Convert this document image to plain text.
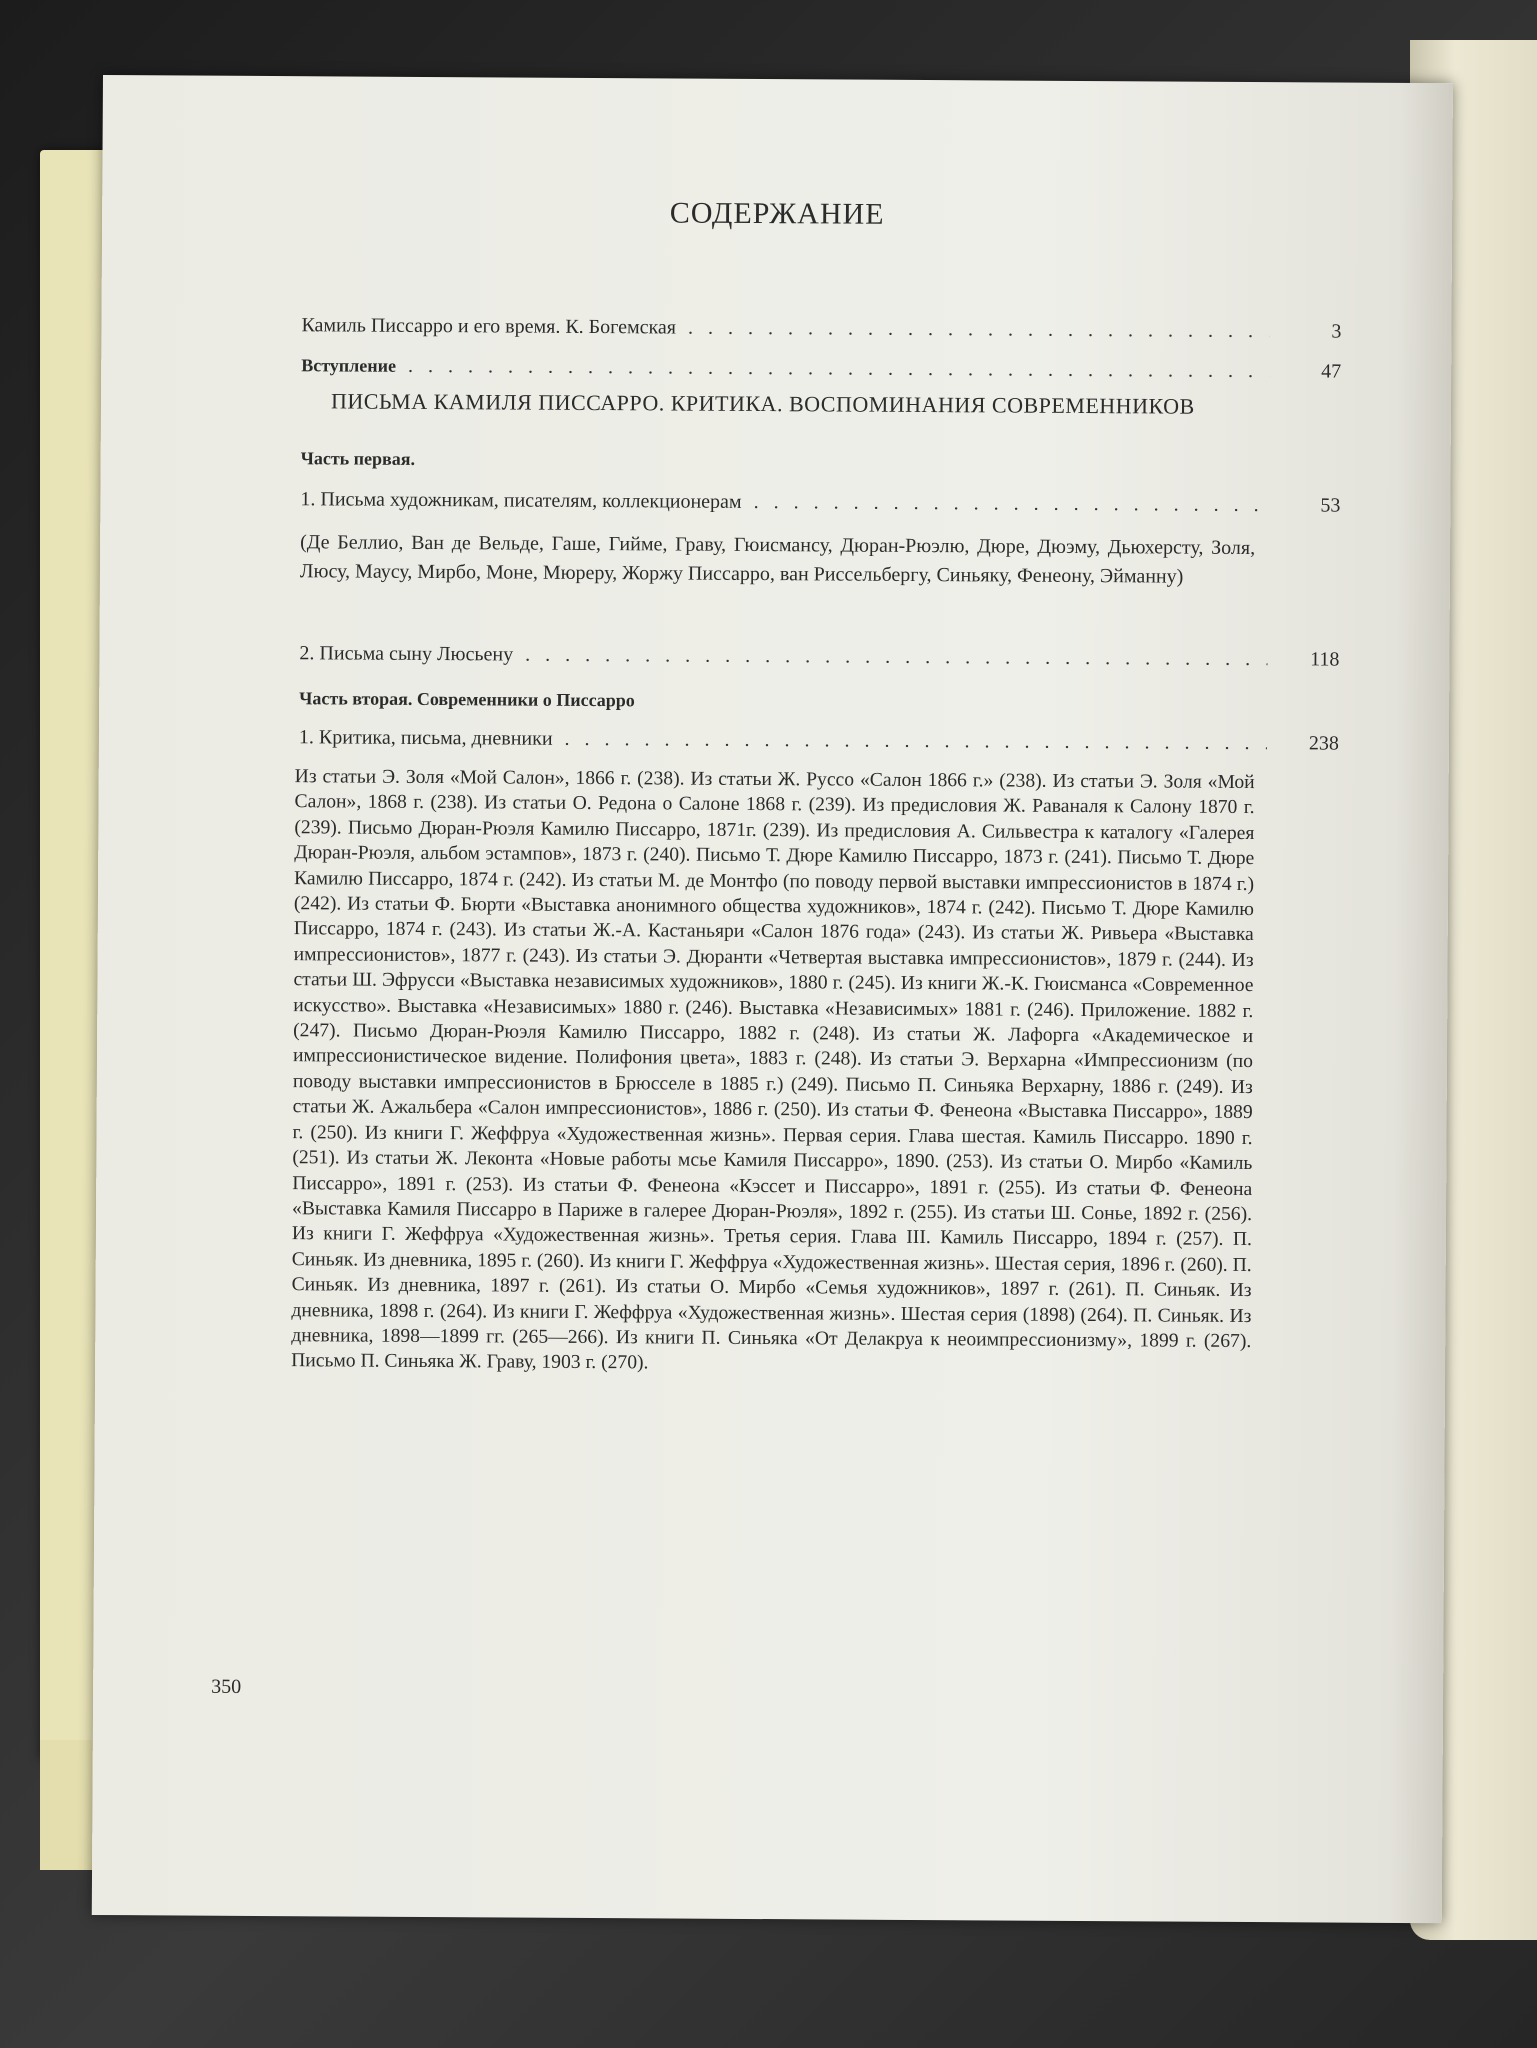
СОДЕРЖАНИЕ
Камиль Писсарро и его время. К. Богемская . . .	3
Вступление . . .	47
ПИСЬМА КАМИЛЯ ПИССАРРО. КРИТИКА. ВОСПОМИНАНИЯ СОВРЕМЕННИКОВ
Часть первая.
1. Письма художникам, писателям, коллекционерам . . .	53
(Де Беллио, Ван де Вельде, Гаше, Гийме, Граву, Гюисмансу, Дюран-Рюэлю, Дюре, Дюэму, Дьюхерсту, Золя, Люсу, Маусу, Мирбо, Моне, Мюреру, Жоржу Писсарро, ван Риссельбергу, Синьяку, Фенеону, Эйманну)
2. Письма сыну Люсьену . . .	118
Часть вторая. Современники о Писсарро
1. Критика, письма, дневники . . .	238
Из статьи Э. Золя «Мой Салон», 1866 г. (238). Из статьи Ж. Руссо «Салон 1866 г.» (238). Из статьи Э. Золя «Мой Салон», 1868 г. (238). Из статьи О. Редона о Салоне 1868 г. (239). Из предисловия Ж. Раваналя к Салону 1870 г. (239). Письмо Дюран-Рюэля Камилю Писсарро, 1871г. (239). Из предисловия А. Сильвестра к каталогу «Галерея Дюран-Рюэля, альбом эстампов», 1873 г. (240). Письмо Т. Дюре Камилю Писсарро, 1873 г. (241). Письмо Т. Дюре Камилю Писсарро, 1874 г. (242). Из статьи М. де Монтфо (по поводу первой выставки импрессионистов в 1874 г.) (242). Из статьи Ф. Бюрти «Выставка анонимного общества художников», 1874 г. (242). Письмо Т. Дюре Камилю Писсарро, 1874 г. (243). Из статьи Ж.-А. Кастаньяри «Салон 1876 года» (243). Из статьи Ж. Ривьера «Выставка импрессионистов», 1877 г. (243). Из статьи Э. Дюранти «Четвертая выставка импрессионистов», 1879 г. (244). Из статьи Ш. Эфрусси «Выставка независимых художников», 1880 г. (245). Из книги Ж.-К. Гюисманса «Современное искусство». Выставка «Независимых» 1880 г. (246). Выставка «Независимых» 1881 г. (246). Приложение. 1882 г. (247). Письмо Дюран-Рюэля Камилю Писсарро, 1882 г. (248). Из статьи Ж. Лафорга «Академическое и импрессионистическое видение. Полифония цвета», 1883 г. (248). Из статьи Э. Верхарна «Импрессионизм (по поводу выставки импрессионистов в Брюсселе в 1885 г.) (249). Письмо П. Синьяка Верхарну, 1886 г. (249). Из статьи Ж. Ажальбера «Салон импрессионистов», 1886 г. (250). Из статьи Ф. Фенеона «Выставка Писсарро», 1889 г. (250). Из книги Г. Жеффруа «Художественная жизнь». Первая серия. Глава шестая. Камиль Писсарро. 1890 г. (251). Из статьи Ж. Леконта «Новые работы мсье Камиля Писсарро», 1890. (253). Из статьи О. Мирбо «Камиль Писсарро», 1891 г. (253). Из статьи Ф. Фенеона «Кэссет и Писсарро», 1891 г. (255). Из статьи Ф. Фенеона «Выставка Камиля Писсарро в Париже в галерее Дюран-Рюэля», 1892 г. (255). Из статьи Ш. Сонье, 1892 г. (256). Из книги Г. Жеффруа «Художественная жизнь». Третья серия. Глава III. Камиль Писсарро, 1894 г. (257). П. Синьяк. Из дневника, 1895 г. (260). Из книги Г. Жеффруа «Художественная жизнь». Шестая серия, 1896 г. (260). П. Синьяк. Из дневника, 1897 г. (261). Из статьи О. Мирбо «Семья художников», 1897 г. (261). П. Синьяк. Из дневника, 1898 г. (264). Из книги Г. Жеффруа «Художественная жизнь». Шестая серия (1898) (264). П. Синьяк. Из дневника, 1898—1899 гг. (265—266). Из книги П. Синьяка «От Делакруа к неоимпрессионизму», 1899 г. (267). Письмо П. Синьяка Ж. Граву, 1903 г. (270).
350
